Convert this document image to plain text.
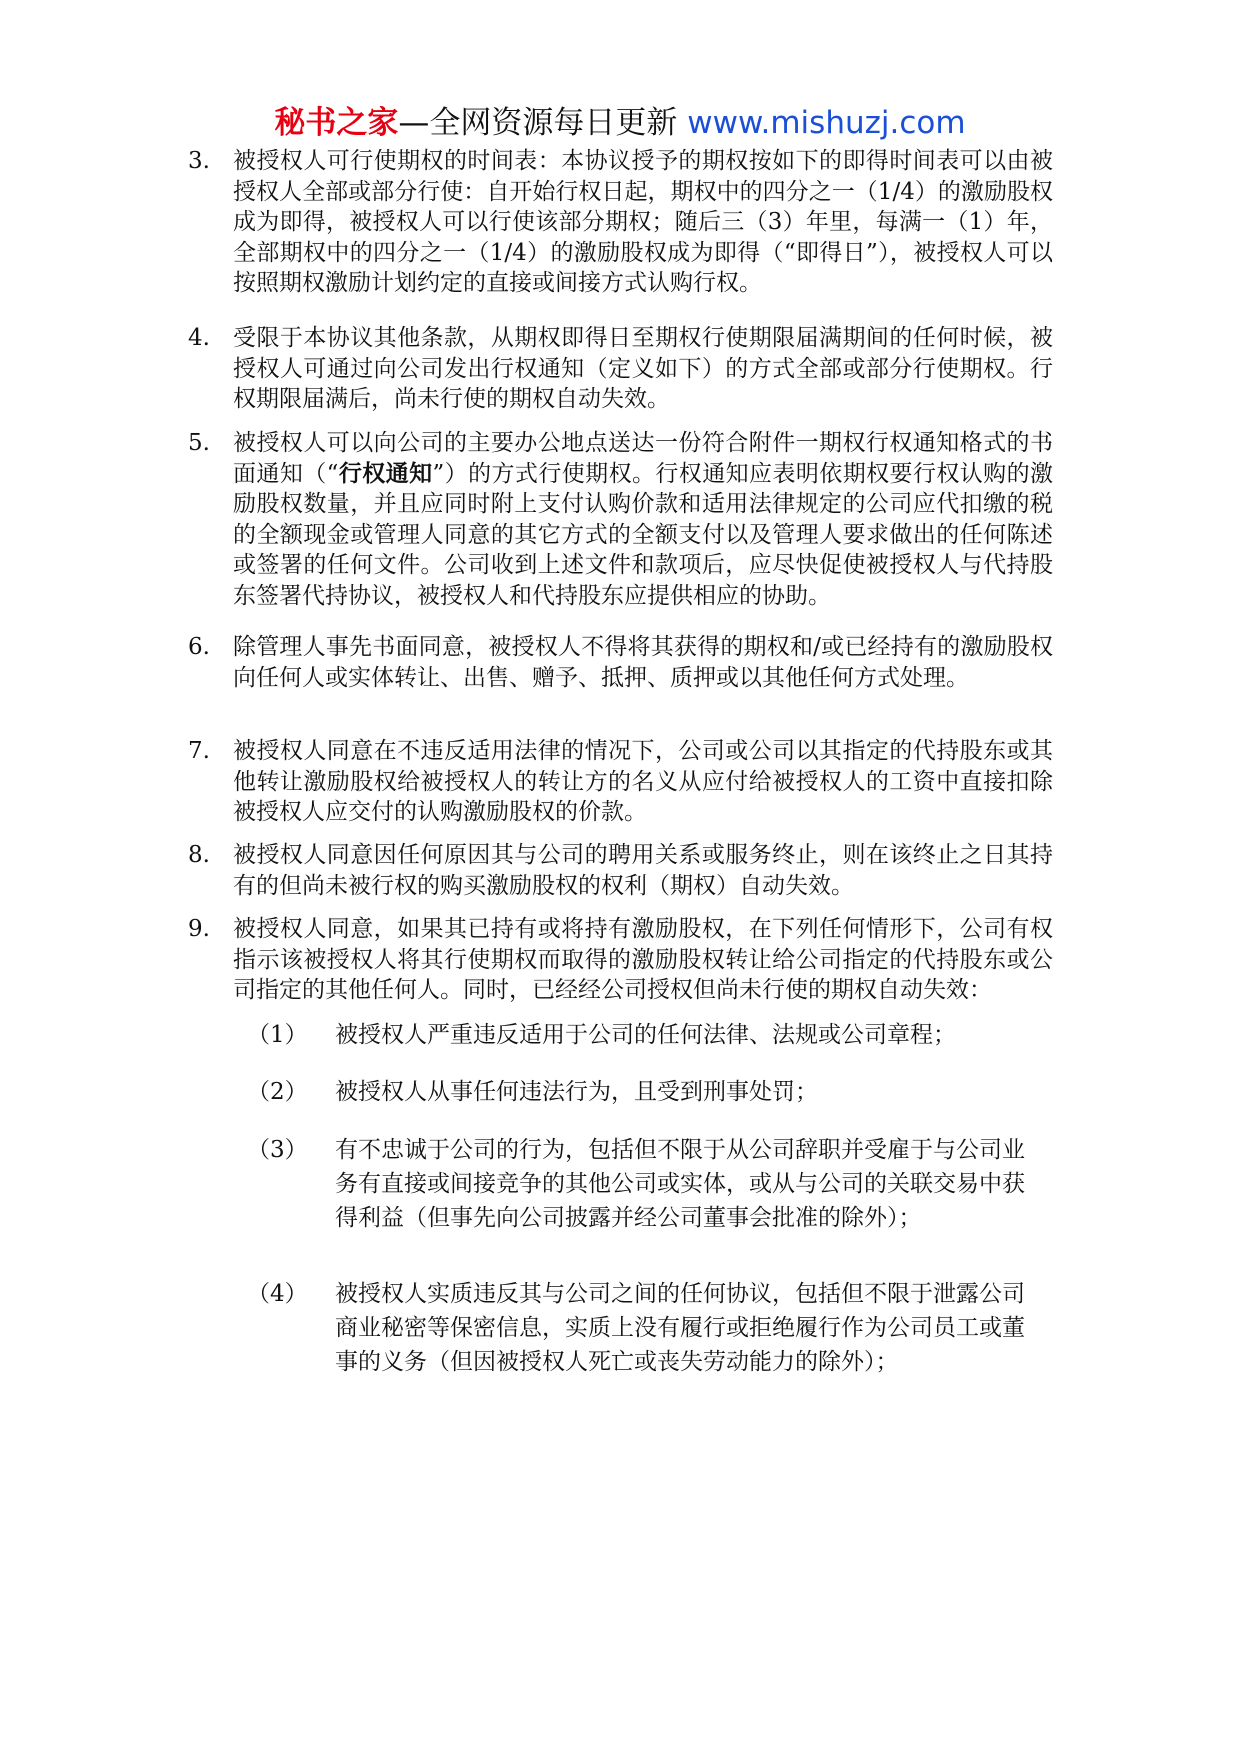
秘书之家—全网资源每日更新 www.mishuzj.com
3. 被授权人可行使期权的时间表：本协议授予的期权按如下的即得时间表可以由被授权人全部或部分行使：自开始行权日起，期权中的四分之一（1/4）的激励股权成为即得，被授权人可以行使该部分期权；随后三（3）年里，每满一（1）年，全部期权中的四分之一（1/4）的激励股权成为即得（“即得日”），被授权人可以按照期权激励计划约定的直接或间接方式认购行权。
4. 受限于本协议其他条款，从期权即得日至期权行使期限届满期间的任何时候，被授权人可通过向公司发出行权通知（定义如下）的方式全部或部分行使期权。行权期限届满后，尚未行使的期权自动失效。
5. 被授权人可以向公司的主要办公地点送达一份符合附件一期权行权通知格式的书面通知（“行权通知”）的方式行使期权。行权通知应表明依期权要行权认购的激励股权数量，并且应同时附上支付认购价款和适用法律规定的公司应代扣缴的税的全额现金或管理人同意的其它方式的全额支付以及管理人要求做出的任何陈述或签署的任何文件。公司收到上述文件和款项后，应尽快促使被授权人与代持股东签署代持协议，被授权人和代持股东应提供相应的协助。
6. 除管理人事先书面同意，被授权人不得将其获得的期权和/或已经持有的激励股权向任何人或实体转让、出售、赠予、抵押、质押或以其他任何方式处理。
7. 被授权人同意在不违反适用法律的情况下，公司或公司以其指定的代持股东或其他转让激励股权给被授权人的转让方的名义从应付给被授权人的工资中直接扣除被授权人应交付的认购激励股权的价款。
8. 被授权人同意因任何原因其与公司的聘用关系或服务终止，则在该终止之日其持有的但尚未被行权的购买激励股权的权利（期权）自动失效。
9. 被授权人同意，如果其已持有或将持有激励股权，在下列任何情形下，公司有权指示该被授权人将其行使期权而取得的激励股权转让给公司指定的代持股东或公司指定的其他任何人。同时，已经经公司授权但尚未行使的期权自动失效：
（1） 被授权人严重违反适用于公司的任何法律、法规或公司章程；
（2） 被授权人从事任何违法行为，且受到刑事处罚；
（3） 有不忠诚于公司的行为，包括但不限于从公司辞职并受雇于与公司业务有直接或间接竞争的其他公司或实体，或从与公司的关联交易中获得利益（但事先向公司披露并经公司董事会批准的除外）；
（4） 被授权人实质违反其与公司之间的任何协议，包括但不限于泄露公司商业秘密等保密信息，实质上没有履行或拒绝履行作为公司员工或董事的义务（但因被授权人死亡或丧失劳动能力的除外）；
